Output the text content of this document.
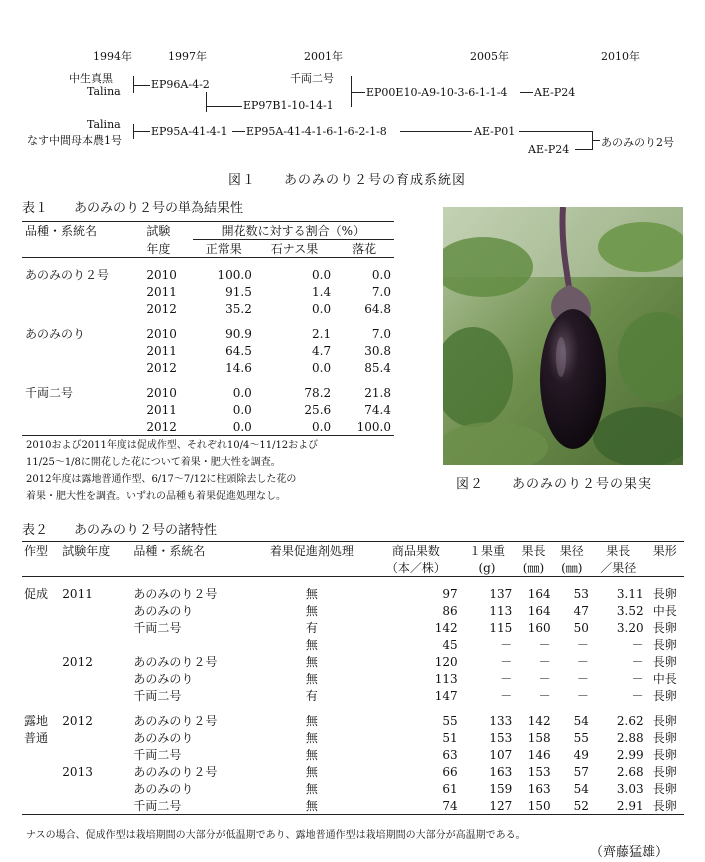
1994年	1997年	2001年	2005年	2010年
中生真黒
Talina
EP96A-4-2	千両二号
EP97B1-10-14-1
EP00E10-A9-10-3-6-1-1-4 AE-P24
Talina
なす中間母本農1号
EP95A-41-4-1 EP95A-41-4-1-6-1-6-2-1-8	AE-P01
AE-P24
あのみのり2号
図１　　あのみのり２号の育成系統図
表１　　あのみのり２号の単為結果性
品種・系統名	試験	開花数に対する割合（%）		
	年度	正常果	石ナス果	落花
あのみのり２号	2010	100.0	0.0	0.0
	2011	91.5	1.4	7.0
	2012	35.2	0.0	64.8
あのみのり	2010	90.9	2.1	7.0
	2011	64.5	4.7	30.8
	2012	14.6	0.0	85.4
千両二号	2010	0.0	78.2	21.8
	2011	0.0	25.6	74.4
	2012	0.0	0.0	100.0
2010および2011年度は促成作型、それぞれ10/4～11/12および
11/25～1/8に開花した花について着果・肥大性を調査。
2012年度は露地普通作型、6/17～7/12に柱頭除去した花の
着果・肥大性を調査。いずれの品種も着果促進処理なし。
図２　　あのみのり２号の果実
表２　　あのみのり２号の諸特性
作型	試験年度	品種・系統名	着果促進剤処理	商品果数	１果重	果長	果径	果長	果形
				（本／株）	(g)	(㎜)	(㎜)	／果径	
促成	2011	あのみのり２号	無	97	137	164	53	3.11	長卵
		あのみのり	無	86	113	164	47	3.52	中長
		千両二号	有	142	115	160	50	3.20	長卵
			無	45	－	－	－	－	長卵
	2012	あのみのり２号	無	120	－	－	－	－	長卵
		あのみのり	無	113	－	－	－	－	中長
		千両二号	有	147	－	－	－	－	長卵
露地	2012	あのみのり２号	無	55	133	142	54	2.62	長卵
普通		あのみのり	無	51	153	158	55	2.88	長卵
		千両二号	無	63	107	146	49	2.99	長卵
	2013	あのみのり２号	無	66	163	153	57	2.68	長卵
		あのみのり	無	61	159	163	54	3.03	長卵
		千両二号	無	74	127	150	52	2.91	長卵
ナスの場合、促成作型は栽培期間の大部分が低温期であり、露地普通作型は栽培期間の大部分が高温期である。
（齊藤猛雄）
